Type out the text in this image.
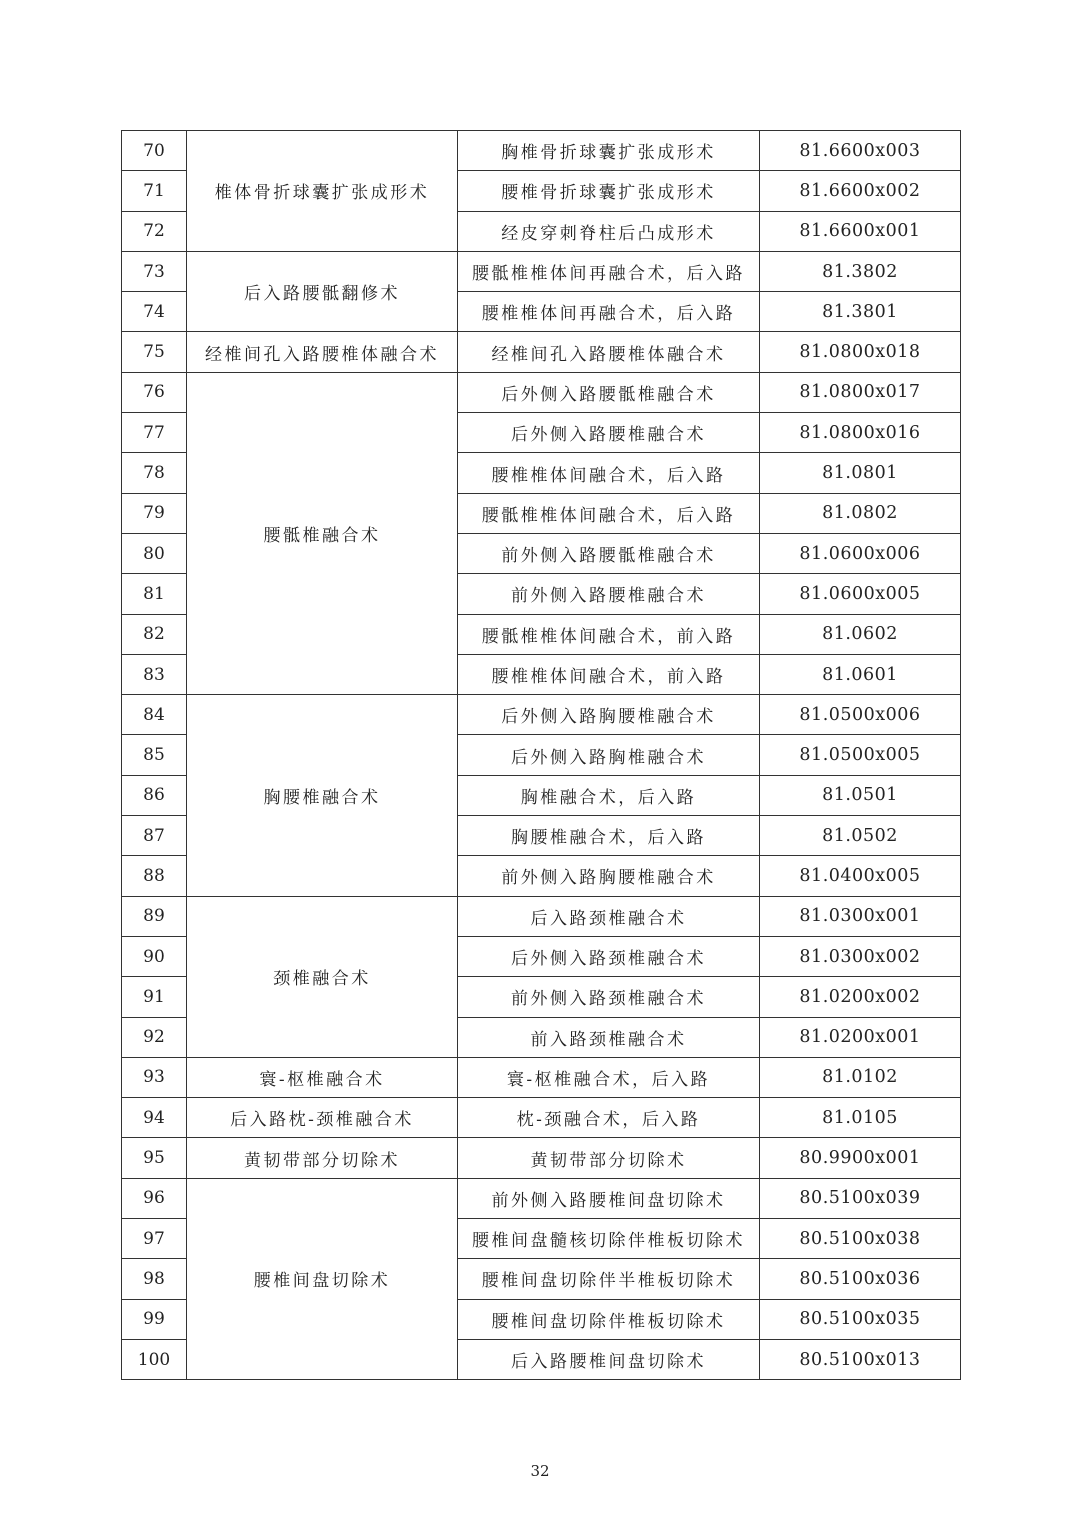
70	椎体骨折球囊扩张成形术	胸椎骨折球囊扩张成形术	81.6600x003
71		腰椎骨折球囊扩张成形术	81.6600x002
72		经皮穿刺脊柱后凸成形术	81.6600x001
73	后入路腰骶翻修术	腰骶椎椎体间再融合术，后入路	81.3802
74		腰椎椎体间再融合术，后入路	81.3801
75	经椎间孔入路腰椎体融合术	经椎间孔入路腰椎体融合术	81.0800x018
76	腰骶椎融合术	后外侧入路腰骶椎融合术	81.0800x017
77		后外侧入路腰椎融合术	81.0800x016
78		腰椎椎体间融合术，后入路	81.0801
79		腰骶椎椎体间融合术，后入路	81.0802
80		前外侧入路腰骶椎融合术	81.0600x006
81		前外侧入路腰椎融合术	81.0600x005
82		腰骶椎椎体间融合术，前入路	81.0602
83		腰椎椎体间融合术，前入路	81.0601
84	胸腰椎融合术	后外侧入路胸腰椎融合术	81.0500x006
85		后外侧入路胸椎融合术	81.0500x005
86		胸椎融合术，后入路	81.0501
87		胸腰椎融合术，后入路	81.0502
88		前外侧入路胸腰椎融合术	81.0400x005
89	颈椎融合术	后入路颈椎融合术	81.0300x001
90		后外侧入路颈椎融合术	81.0300x002
91		前外侧入路颈椎融合术	81.0200x002
92		前入路颈椎融合术	81.0200x001
93	寰-枢椎融合术	寰-枢椎融合术，后入路	81.0102
94	后入路枕-颈椎融合术	枕-颈融合术，后入路	81.0105
95	黄韧带部分切除术	黄韧带部分切除术	80.9900x001
96	腰椎间盘切除术	前外侧入路腰椎间盘切除术	80.5100x039
97		腰椎间盘髓核切除伴椎板切除术	80.5100x038
98		腰椎间盘切除伴半椎板切除术	80.5100x036
99		腰椎间盘切除伴椎板切除术	80.5100x035
100		后入路腰椎间盘切除术	80.5100x013
32
